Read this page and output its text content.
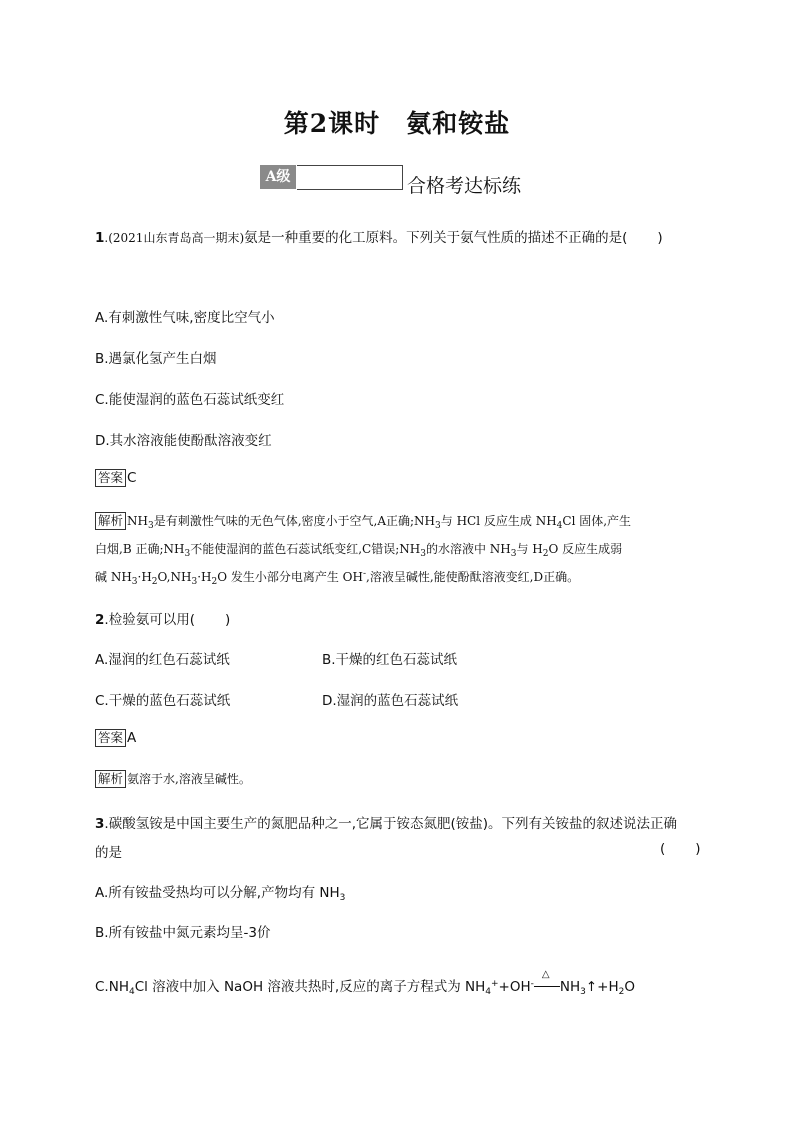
第2课时 氨和铵盐
A级	合格考达标练
1.(2021山东青岛高一期末)氨是一种重要的化工原料。下列关于氨气性质的描述不正确的是( )
A.有刺激性气味,密度比空气小
B.遇氯化氢产生白烟
C.能使湿润的蓝色石蕊试纸变红
D.其水溶液能使酚酞溶液变红
答案 C
解析 $NH_3$是有刺激性气味的无色气体,密度小于空气,A正确$;NH_3$与 HCl 反应生成 $NH_4Cl$ 固体,产生
白烟,B 正确$;NH_3$不能使湿润的蓝色石蕊试纸变红,C错误$;NH_3$的水溶液中 $NH_3$与 $H_2O$ 反应生成弱
碱 $NH_3\cdot H_2O,NH_3\cdot H_2O$ 发生小部分电离产生 OH-,溶液呈碱性,能使酚酞溶液变红,D正确。
2.检验氨可以用( )
A.湿润的红色石蕊试纸	B.干燥的红色石蕊试纸
C.干燥的蓝色石蕊试纸	D.湿润的蓝色石蕊试纸
答案 A
解析 氨溶于水,溶液呈碱性。
3.碳酸氢铵是中国主要生产的氮肥品种之一,它属于铵态氮肥(铵盐)。下列有关铵盐的叙述说法正确
的是	( )
A.所有铵盐受热均可以分解,产物均有 $NH_3$
B.所有铵盐中氮元素均呈-3价
$C.NH_4Cl$ 溶液中加入 NaOH 溶液共热时,反应的离子方程式为 $NH_4^++OH^-$
△
$NH_3↑+H_2O$
